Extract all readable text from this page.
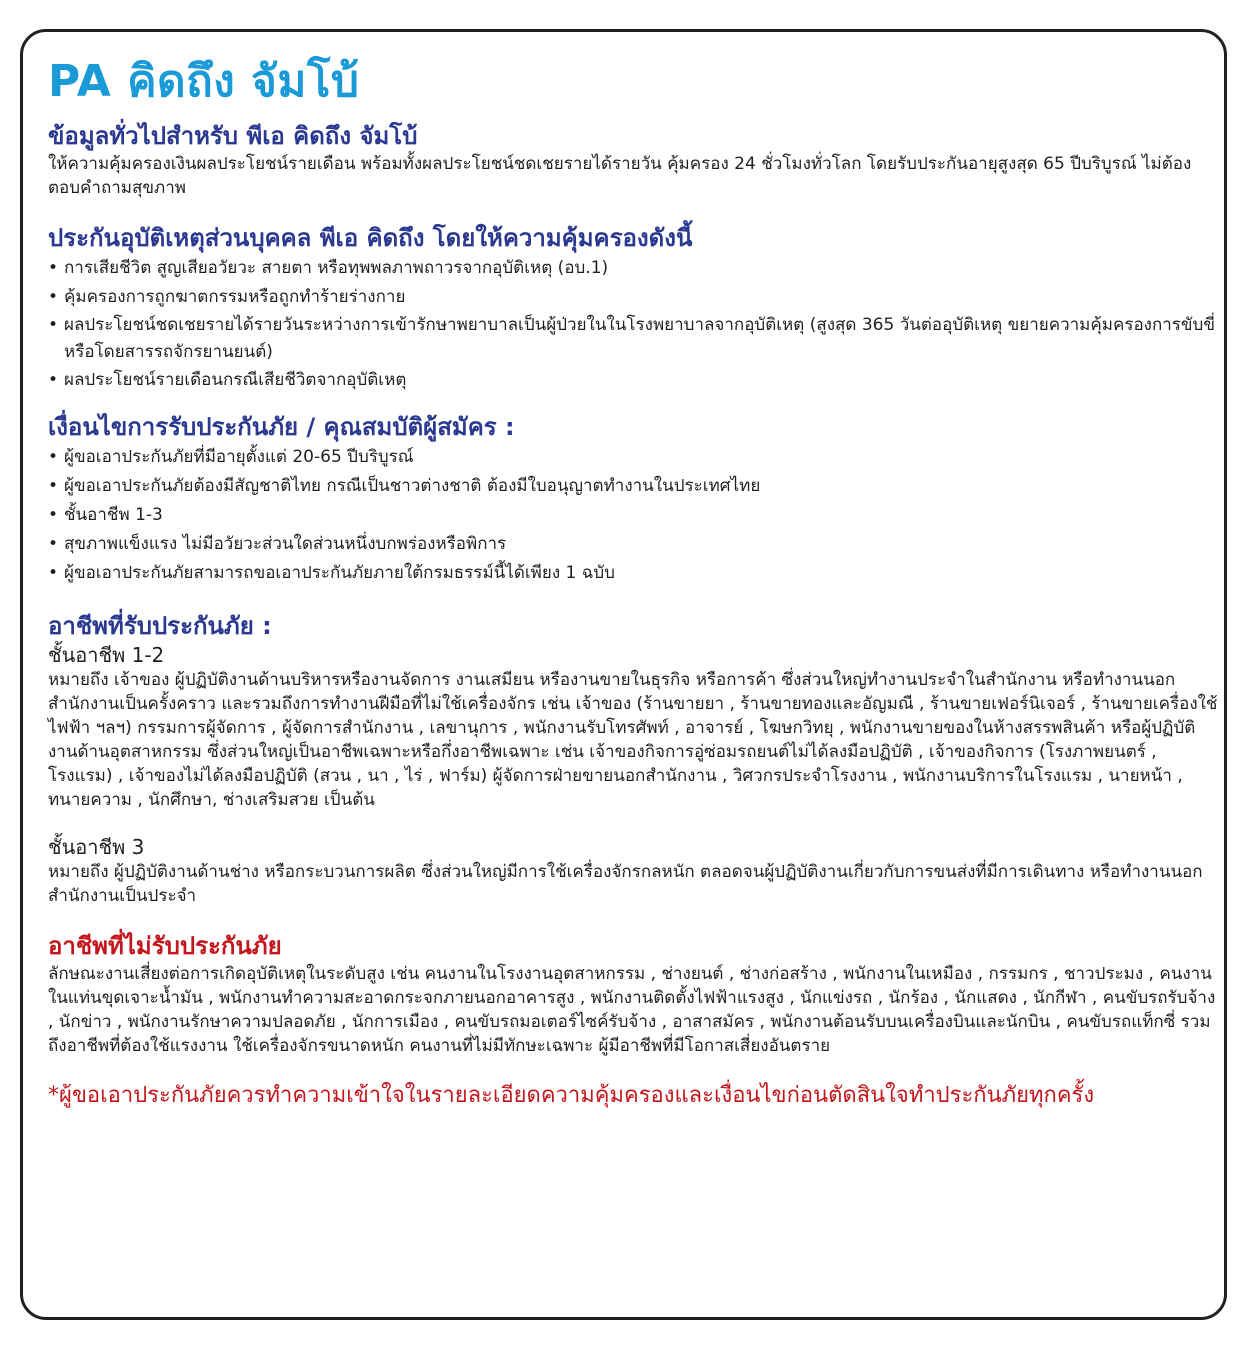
PA คิดถึง จัมโบ้
ข้อมูลทั่วไปสำหรับ พีเอ คิดถึง จัมโบ้

ให้ความคุ้มครองเงินผลประโยชน์รายเดือน พร้อมทั้งผลประโยชน์ชดเชยรายได้รายวัน คุ้มครอง 24 ชั่วโมงทั่วโลก โดยรับประกันอายุสูงสุด 65 ปีบริบูรณ์ ไม่ต้องตอบคำถามสุขภาพ

ประกันอุบัติเหตุส่วนบุคคล พีเอ คิดถึง โดยให้ความคุ้มครองดังนี้
• การเสียชีวิต สูญเสียอวัยวะ สายตา หรือทุพพลภาพถาวรจากอุบัติเหตุ (อบ.1)
• คุ้มครองการถูกฆาตกรรมหรือถูกทำร้ายร่างกาย
• ผลประโยชน์ชดเชยรายได้รายวันระหว่างการเข้ารักษาพยาบาลเป็นผู้ป่วยในในโรงพยาบาลจากอุบัติเหตุ (สูงสุด 365 วันต่ออุบัติเหตุ ขยายความคุ้มครองการขับขี่หรือโดยสารรถจักรยานยนต์)
• ผลประโยชน์รายเดือนกรณีเสียชีวิตจากอุบัติเหตุ
เงื่อนไขการรับประกันภัย / คุณสมบัติผู้สมัคร :
• ผู้ขอเอาประกันภัยที่มีอายุตั้งแต่ 20-65 ปีบริบูรณ์
• ผู้ขอเอาประกันภัยต้องมีสัญชาติไทย กรณีเป็นชาวต่างชาติ ต้องมีใบอนุญาตทำงานในประเทศไทย
• ชั้นอาชีพ 1-3
• สุขภาพแข็งแรง ไม่มีอวัยวะส่วนใดส่วนหนึ่งบกพร่องหรือพิการ
• ผู้ขอเอาประกันภัยสามารถขอเอาประกันภัยภายใต้กรมธรรม์นี้ได้เพียง 1 ฉบับ
อาชีพที่รับประกันภัย :

ชั้นอาชีพ 1-2

หมายถึง เจ้าของ ผู้ปฏิบัติงานด้านบริหารหรืองานจัดการ งานเสมียน หรืองานขายในธุรกิจ หรือการค้า ซึ่งส่วนใหญ่ทำงานประจำในสำนักงาน หรือทำงานนอกสำนักงานเป็นครั้งคราว และรวมถึงการทำงานฝีมือที่ไม่ใช้เครื่องจักร เช่น เจ้าของ (ร้านขายยา , ร้านขายทองและอัญมณี , ร้านขายเฟอร์นิเจอร์ , ร้านขายเครื่องใช้ไฟฟ้า ฯลฯ) กรรมการผู้จัดการ , ผู้จัดการสำนักงาน , เลขานุการ , พนักงานรับโทรศัพท์ , อาจารย์ , โฆษกวิทยุ , พนักงานขายของในห้างสรรพสินค้า หรือผู้ปฏิบัติงานด้านอุตสาหกรรม ซึ่งส่วนใหญ่เป็นอาชีพเฉพาะหรือกึ่งอาชีพเฉพาะ เช่น เจ้าของกิจการอู่ซ่อมรถยนต์ไม่ได้ลงมือปฏิบัติ , เจ้าของกิจการ (โรงภาพยนตร์ , โรงแรม) , เจ้าของไม่ได้ลงมือปฏิบัติ (สวน , นา , ไร่ , ฟาร์ม) ผู้จัดการฝ่ายขายนอกสำนักงาน , วิศวกรประจำโรงงาน , พนักงานบริการในโรงแรม , นายหน้า , ทนายความ , นักศึกษา, ช่างเสริมสวย เป็นต้น

ชั้นอาชีพ 3

หมายถึง ผู้ปฏิบัติงานด้านช่าง หรือกระบวนการผลิต ซึ่งส่วนใหญ่มีการใช้เครื่องจักรกลหนัก ตลอดจนผู้ปฏิบัติงานเกี่ยวกับการขนส่งที่มีการเดินทาง หรือทำงานนอกสำนักงานเป็นประจำ

อาชีพที่ไม่รับประกันภัย

ลักษณะงานเสี่ยงต่อการเกิดอุบัติเหตุในระดับสูง เช่น คนงานในโรงงานอุตสาหกรรม , ช่างยนต์ , ช่างก่อสร้าง , พนักงานในเหมือง , กรรมกร , ชาวประมง , คนงานในแท่นขุดเจาะน้ำมัน , พนักงานทำความสะอาดกระจกภายนอกอาคารสูง , พนักงานติดตั้งไฟฟ้าแรงสูง , นักแข่งรถ , นักร้อง , นักแสดง , นักกีฬา , คนขับรถรับจ้าง , นักข่าว , พนักงานรักษาความปลอดภัย , นักการเมือง , คนขับรถมอเตอร์ไซค์รับจ้าง , อาสาสมัคร , พนักงานต้อนรับบนเครื่องบินและนักบิน , คนขับรถแท็กซี่ รวมถึงอาชีพที่ต้องใช้แรงงาน ใช้เครื่องจักรขนาดหนัก คนงานที่ไม่มีทักษะเฉพาะ ผู้มีอาชีพที่มีโอกาสเสี่ยงอันตราย

*ผู้ขอเอาประกันภัยควรทำความเข้าใจในรายละเอียดความคุ้มครองและเงื่อนไขก่อนตัดสินใจทำประกันภัยทุกครั้ง
